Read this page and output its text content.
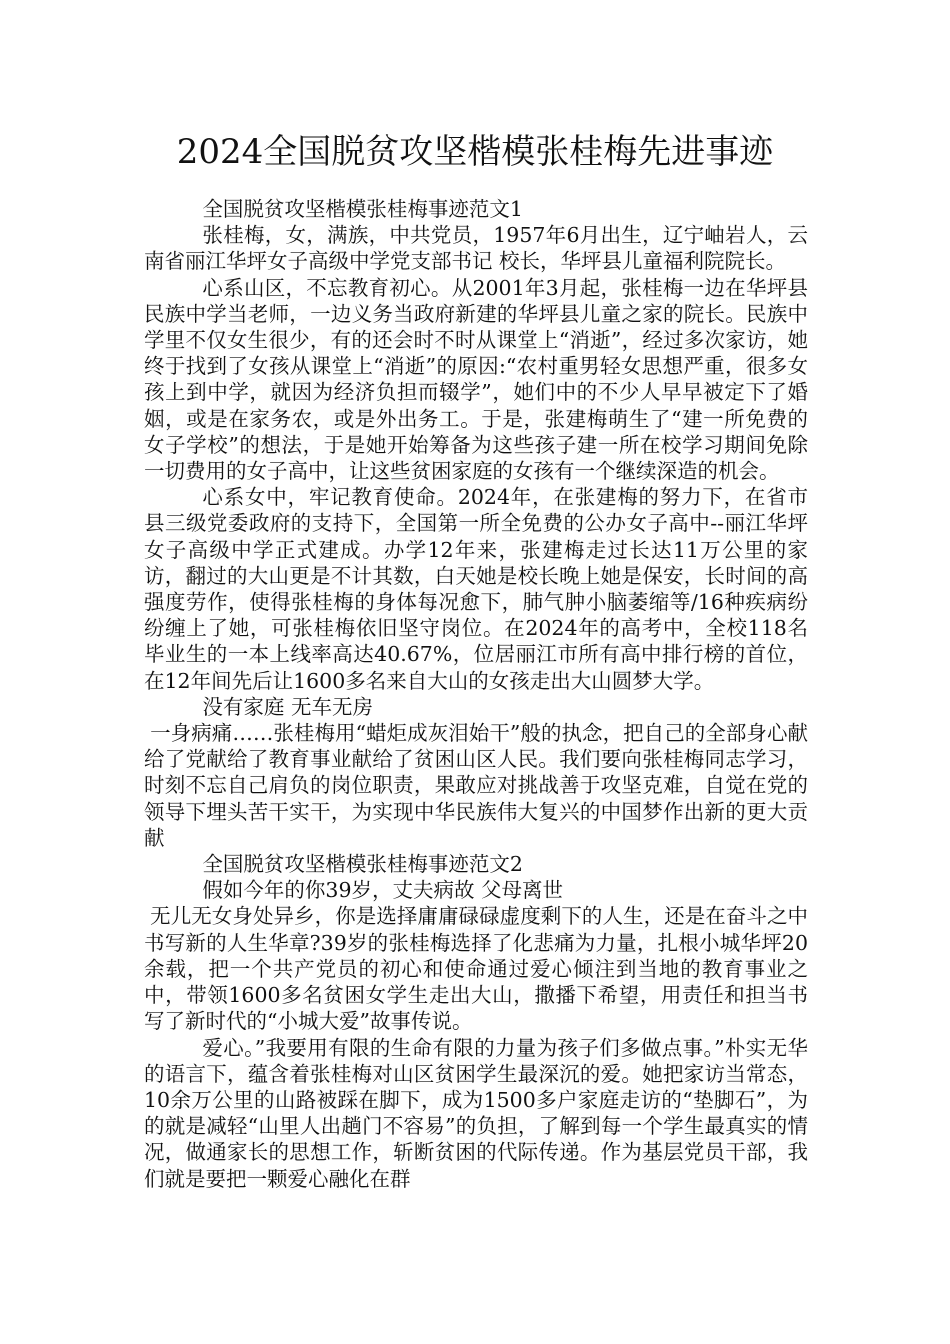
2024全国脱贫攻坚楷模张桂梅先进事迹

全国脱贫攻坚楷模张桂梅事迹范文1

张桂梅，女，满族，中共党员，1957年6月出生，辽宁岫岩人，云南省丽江华坪女子高级中学党支部书记 校长，华坪县儿童福利院院长。

心系山区，不忘教育初心。从2001年3月起，张桂梅一边在华坪县民族中学当老师，一边义务当政府新建的华坪县儿童之家的院长。民族中学里不仅女生很少，有的还会时不时从课堂上“消逝”，经过多次家访，她终于找到了女孩从课堂上“消逝”的原因:“农村重男轻女思想严重，很多女孩上到中学，就因为经济负担而辍学”，她们中的不少人早早被定下了婚姻，或是在家务农，或是外出务工。于是，张建梅萌生了“建一所免费的女子学校”的想法，于是她开始筹备为这些孩子建一所在校学习期间免除一切费用的女子高中，让这些贫困家庭的女孩有一个继续深造的机会。

心系女中，牢记教育使命。2024年，在张建梅的努力下，在省市县三级党委政府的支持下，全国第一所全免费的公办女子高中--丽江华坪女子高级中学正式建成。办学12年来，张建梅走过长达11万公里的家访，翻过的大山更是不计其数，白天她是校长晚上她是保安，长时间的高强度劳作，使得张桂梅的身体每况愈下，肺气肿小脑萎缩等/16种疾病纷纷缠上了她，可张桂梅依旧坚守岗位。在2024年的高考中，全校118名毕业生的一本上线率高达40.67%，位居丽江市所有高中排行榜的首位，在12年间先后让1600多名来自大山的女孩走出大山圆梦大学。

没有家庭 无车无房

一身病痛……张桂梅用“蜡炬成灰泪始干”般的执念，把自己的全部身心献给了党献给了教育事业献给了贫困山区人民。我们要向张桂梅同志学习，时刻不忘自己肩负的岗位职责，果敢应对挑战善于攻坚克难，自觉在党的领导下埋头苦干实干，为实现中华民族伟大复兴的中国梦作出新的更大贡献

全国脱贫攻坚楷模张桂梅事迹范文2

假如今年的你39岁，丈夫病故 父母离世

无儿无女身处异乡，你是选择庸庸碌碌虚度剩下的人生，还是在奋斗之中书写新的人生华章?39岁的张桂梅选择了化悲痛为力量，扎根小城华坪20余载，把一个共产党员的初心和使命通过爱心倾注到当地的教育事业之中，带领1600多名贫困女学生走出大山，撒播下希望，用责任和担当书写了新时代的“小城大爱”故事传说。

爱心。”我要用有限的生命有限的力量为孩子们多做点事。”朴实无华的语言下，蕴含着张桂梅对山区贫困学生最深沉的爱。她把家访当常态，10余万公里的山路被踩在脚下，成为1500多户家庭走访的“垫脚石”，为的就是减轻“山里人出趟门不容易”的负担，了解到每一个学生最真实的情况，做通家长的思想工作，斩断贫困的代际传递。作为基层党员干部，我们就是要把一颗爱心融化在群
